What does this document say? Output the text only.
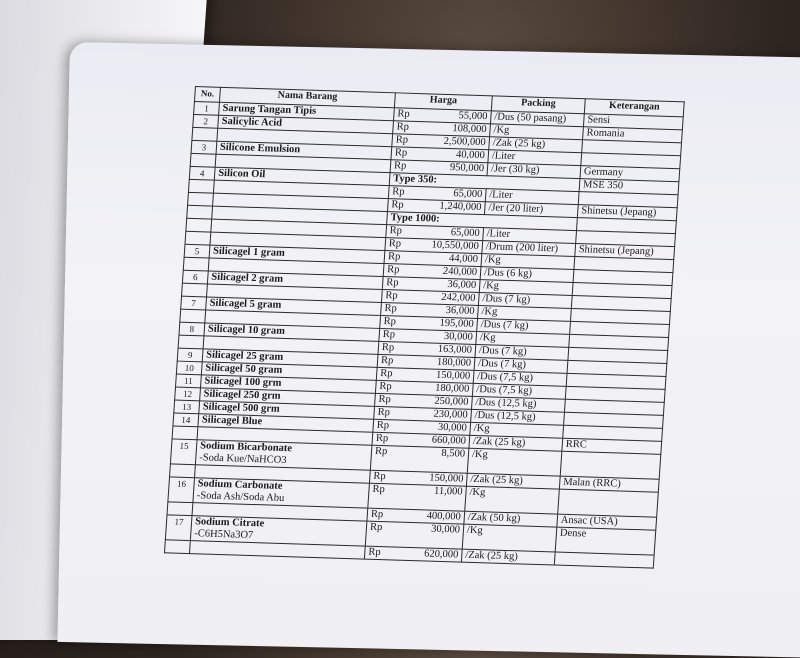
No.	Nama Barang	Harga		Packing	Keterangan
1	Sarung Tangan Tipis	Rp	55,000	/Dus (50 pasang)	Sensi
2	Salicylic Acid	Rp	108,000	/Kg	Romania
		Rp	2,500,000	/Zak (25 kg)	
3	Silicone Emulsion	Rp	40,000	/Liter	
		Rp	950,000	/Jer (30 kg)	Germany
4	Silicon Oil	Type 350:			MSE 350
		Rp	65,000	/Liter	
		Rp	1,240,000	/Jer (20 liter)	Shinetsu (Jepang)
		Type 1000:			
		Rp	65,000	/Liter	
		Rp	10,550,000	/Drum (200 liter)	Shinetsu (Jepang)
5	Silicagel 1 gram	Rp	44,000	/Kg	
		Rp	240,000	/Dus (6 kg)	
6	Silicagel 2 gram	Rp	36,000	/Kg	
		Rp	242,000	/Dus (7 kg)	
7	Silicagel 5 gram	Rp	36,000	/Kg	
		Rp	195,000	/Dus (7 kg)	
8	Silicagel 10 gram	Rp	30,000	/Kg	
		Rp	163,000	/Dus (7 kg)	
9	Silicagel 25 gram	Rp	180,000	/Dus (7 kg)	
10	Silicagel 50 gram	Rp	150,000	/Dus (7,5 kg)	
11	Silicagel 100 grm	Rp	180,000	/Dus (7,5 kg)	
12	Silicagel 250 grm	Rp	250,000	/Dus (12,5 kg)	
13	Silicagel 500 grm	Rp	230,000	/Dus (12,5 kg)	
14	Silicagel Blue	Rp	30,000	/Kg	
		Rp	660,000	/Zak (25 kg)	RRC
15	Sodium Bicarbonate
-Soda Kue/NaHCO3	Rp	8,500	/Kg	
		Rp	150,000	/Zak (25 kg)	Malan (RRC)
16	Sodium Carbonate
-Soda Ash/Soda Abu	Rp	11,000	/Kg	
		Rp	400,000	/Zak (50 kg)	Ansac (USA)
17	Sodium Citrate
-C6H5Na3O7	Rp	30,000	/Kg	Dense
		Rp	620,000	/Zak (25 kg)	
